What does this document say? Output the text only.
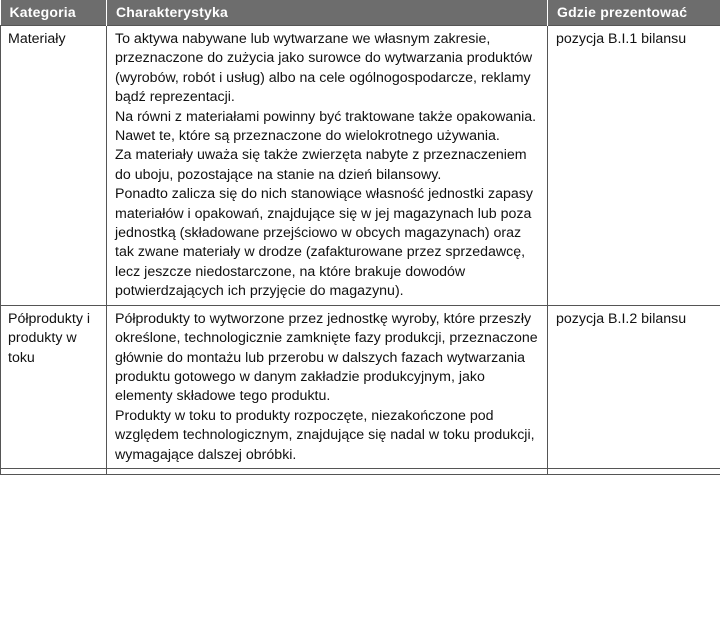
Kategoria	Charakterystyka	Gdzie prezentować
Materiały	To aktywa nabywane lub wytwarzane we własnym zakresie, przeznaczone do zużycia jako surowce do wytwarzania produktów (wyrobów, robót i usług) albo na cele ogólnogospodarcze, reklamy bądź reprezentacji.
Na równi z materiałami powinny być traktowane także opakowania. Nawet te, które są przeznaczone do wielokrotnego używania.
Za materiały uważa się także zwierzęta nabyte z przeznaczeniem do uboju, pozostające na stanie na dzień bilansowy.
Ponadto zalicza się do nich stanowiące własność jednostki zapasy materiałów i opakowań, znajdujące się w jej magazynach lub poza jednostką (składowane przejściowo w obcych magazynach) oraz tak zwane materiały w drodze (zafakturowane przez sprzedawcę, lecz jeszcze niedostarczone, na które brakuje dowodów potwierdzających ich przyjęcie do magazynu).	pozycja B.I.1 bilansu
Półprodukty i produkty w toku	Półprodukty to wytworzone przez jednostkę wyroby, które przeszły określone, technologicznie zamknięte fazy produkcji, przeznaczone głównie do montażu lub przerobu w dalszych fazach wytwarzania produktu gotowego w danym zakładzie produkcyjnym, jako elementy składowe tego produktu.
Produkty w toku to produkty rozpoczęte, niezakończone pod względem technologicznym, znajdujące się nadal w toku produkcji, wymagające dalszej obróbki.	pozycja B.I.2 bilansu
